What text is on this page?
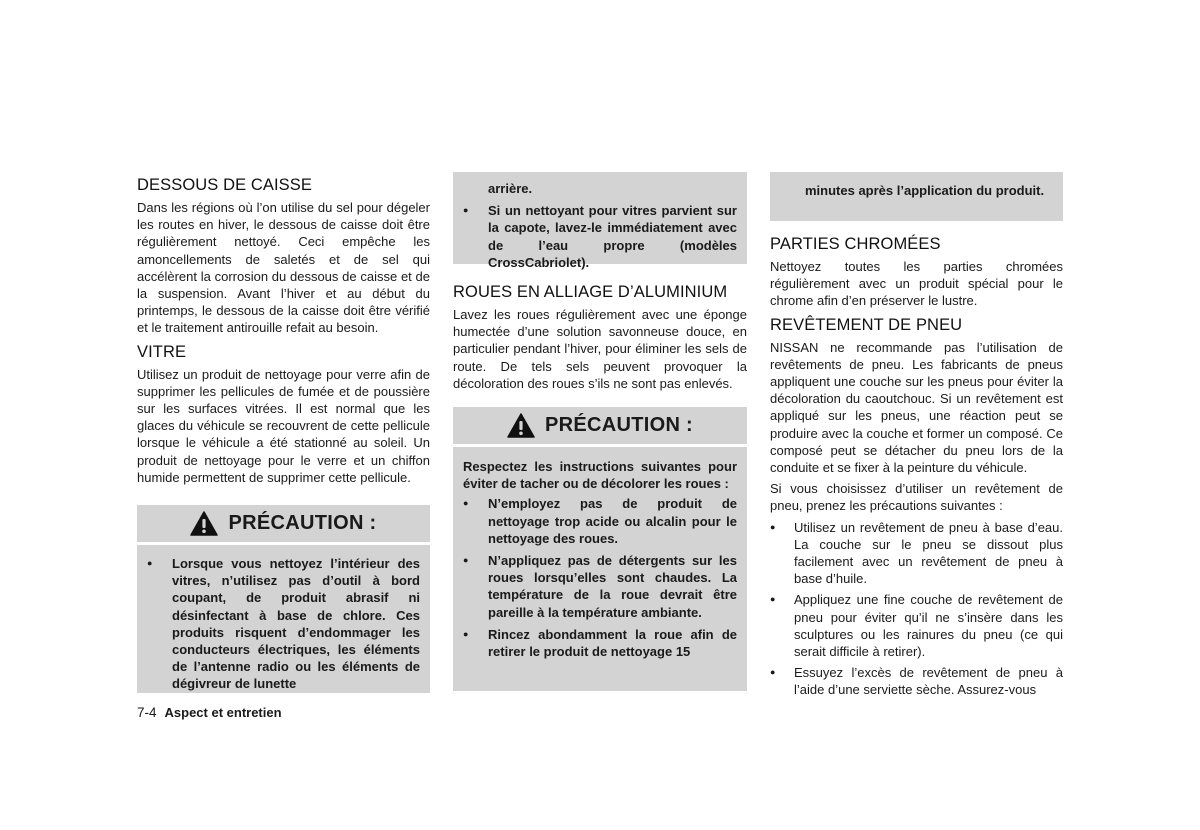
DESSOUS DE CAISSE

Dans les régions où l’on utilise du sel pour dégeler les routes en hiver, le dessous de caisse doit être régulièrement nettoyé. Ceci empêche les amoncellements de saletés et de sel qui accélèrent la corrosion du dessous de caisse et de la suspension. Avant l’hiver et au début du printemps, le dessous de la caisse doit être vérifié et le traitement antirouille refait au besoin.

VITRE

Utilisez un produit de nettoyage pour verre afin de supprimer les pellicules de fumée et de poussière sur les surfaces vitrées. Il est normal que les glaces du véhicule se recouvrent de cette pellicule lorsque le véhicule a été stationné au soleil. Un produit de nettoyage pour le verre et un chiffon humide permettent de supprimer cette pellicule.

PRÉCAUTION :
● Lorsque vous nettoyez l’intérieur des vitres, n’utilisez pas d’outil à bord coupant, de produit abrasif ni désinfectant à base de chlore. Ces produits risquent d’endommager les conducteurs électriques, les éléments de l’antenne radio ou les éléments de dégivreur de lunette
arrière.
● Si un nettoyant pour vitres parvient sur la capote, lavez-le immédiatement avec de l’eau propre (modèles CrossCabriolet).
ROUES EN ALLIAGE D’ALUMINIUM

Lavez les roues régulièrement avec une éponge humectée d’une solution savonneuse douce, en particulier pendant l’hiver, pour éliminer les sels de route. De tels sels peuvent provoquer la décoloration des roues s’ils ne sont pas enlevés.

PRÉCAUTION :
Respectez les instructions suivantes pour éviter de tacher ou de décolorer les roues :
● N’employez pas de produit de nettoyage trop acide ou alcalin pour le nettoyage des roues.
● N’appliquez pas de détergents sur les roues lorsqu’elles sont chaudes. La température de la roue devrait être pareille à la température ambiante.
● Rincez abondamment la roue afin de retirer le produit de nettoyage 15
minutes après l’application du produit.
PARTIES CHROMÉES

Nettoyez toutes les parties chromées régulièrement avec un produit spécial pour le chrome afin d’en préserver le lustre.

REVÊTEMENT DE PNEU

NISSAN ne recommande pas l’utilisation de revêtements de pneu. Les fabricants de pneus appliquent une couche sur les pneus pour éviter la décoloration du caoutchouc. Si un revêtement est appliqué sur les pneus, une réaction peut se produire avec la couche et former un composé. Ce composé peut se détacher du pneu lors de la conduite et se fixer à la peinture du véhicule.

Si vous choisissez d’utiliser un revêtement de pneu, prenez les précautions suivantes :

● Utilisez un revêtement de pneu à base d’eau. La couche sur le pneu se dissout plus facilement avec un revêtement de pneu à base d’huile.
● Appliquez une fine couche de revêtement de pneu pour éviter qu’il ne s’insère dans les sculptures ou les rainures du pneu (ce qui serait difficile à retirer).
● Essuyez l’excès de revêtement de pneu à l’aide d’une serviette sèche. Assurez-vous
7-4 Aspect et entretien
